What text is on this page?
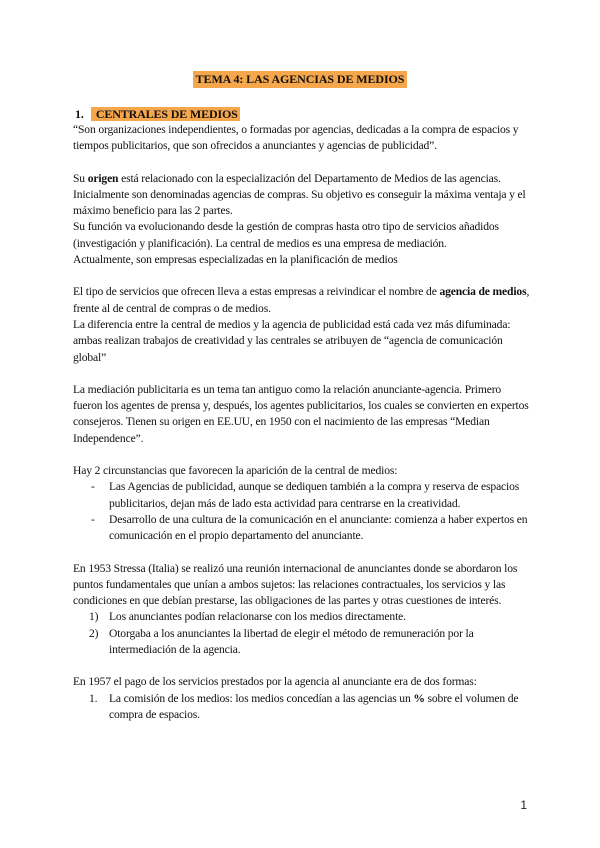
TEMA 4: LAS AGENCIAS DE MEDIOS
1. CENTRALES DE MEDIOS

“Son organizaciones independientes, o formadas por agencias, dedicadas a la compra de espacios y tiempos publicitarios, que son ofrecidos a anunciantes y agencias de publicidad”.

Su origen está relacionado con la especialización del Departamento de Medios de las agencias. Inicialmente son denominadas agencias de compras. Su objetivo es conseguir la máxima ventaja y el máximo beneficio para las 2 partes.

Su función va evolucionando desde la gestión de compras hasta otro tipo de servicios añadidos (investigación y planificación). La central de medios es una empresa de mediación.

Actualmente, son empresas especializadas en la planificación de medios

El tipo de servicios que ofrecen lleva a estas empresas a reivindicar el nombre de agencia de medios, frente al de central de compras o de medios.

La diferencia entre la central de medios y la agencia de publicidad está cada vez más difuminada: ambas realizan trabajos de creatividad y las centrales se atribuyen de “agencia de comunicación global”

La mediación publicitaria es un tema tan antiguo como la relación anunciante-agencia. Primero fueron los agentes de prensa y, después, los agentes publicitarios, los cuales se convierten en expertos consejeros. Tienen su origen en EE.UU, en 1950 con el nacimiento de las empresas “Median Independence”.

Hay 2 circunstancias que favorecen la aparición de la central de medios:

- Las Agencias de publicidad, aunque se dediquen también a la compra y reserva de espacios publicitarios, dejan más de lado esta actividad para centrarse en la creatividad.
- Desarrollo de una cultura de la comunicación en el anunciante: comienza a haber expertos en comunicación en el propio departamento del anunciante.

En 1953 Stressa (Italia) se realizó una reunión internacional de anunciantes donde se abordaron los puntos fundamentales que unían a ambos sujetos: las relaciones contractuales, los servicios y las condiciones en que debían prestarse, las obligaciones de las partes y otras cuestiones de interés.

1) Los anunciantes podían relacionarse con los medios directamente.
2) Otorgaba a los anunciantes la libertad de elegir el método de remuneración por la intermediación de la agencia.

En 1957 el pago de los servicios prestados por la agencia al anunciante era de dos formas:

1. La comisión de los medios: los medios concedían a las agencias un % sobre el volumen de compra de espacios.
1
